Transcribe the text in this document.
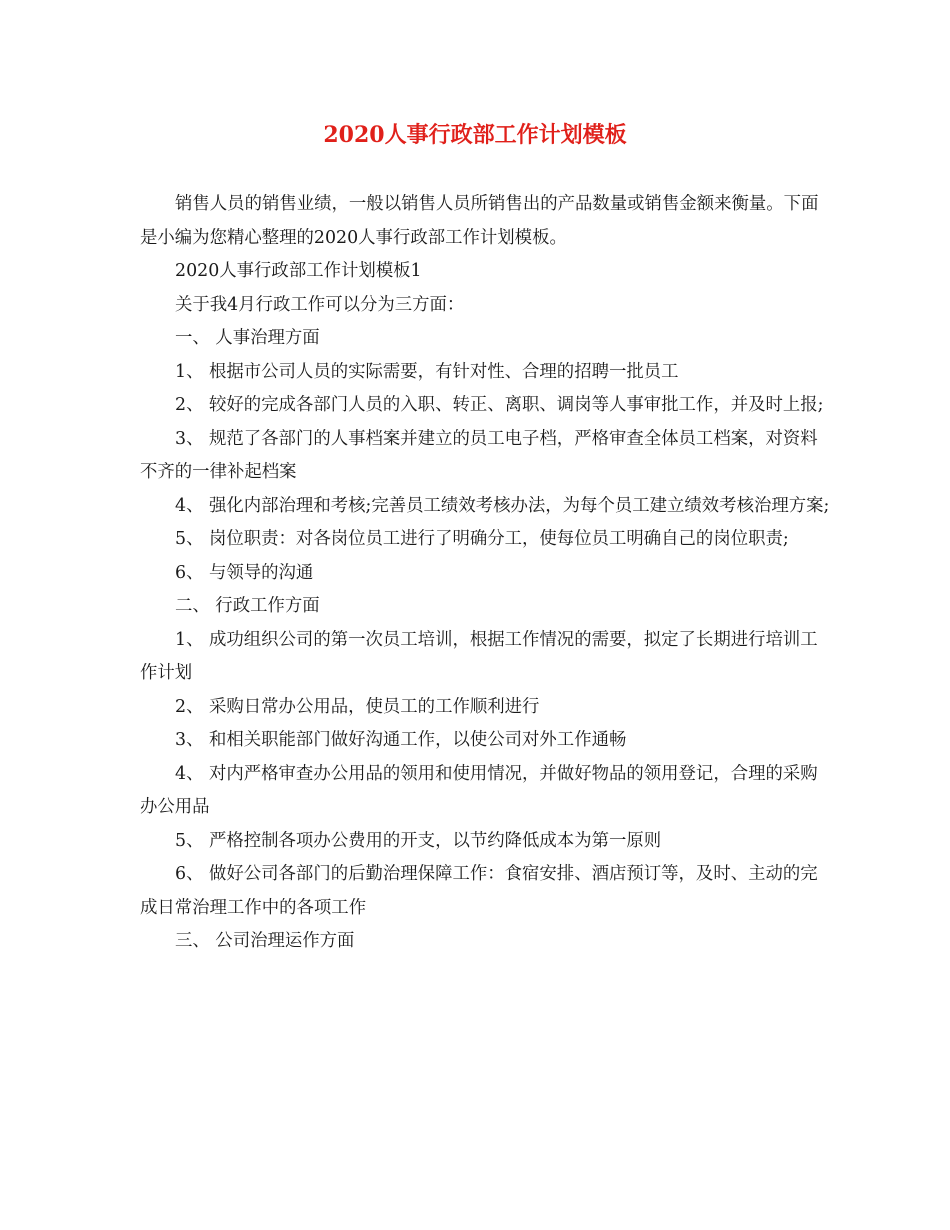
2020人事行政部工作计划模板

销售人员的销售业绩，一般以销售人员所销售出的产品数量或销售金额来衡量。下面是小编为您精心整理的2020人事行政部工作计划模板。

2020人事行政部工作计划模板1

关于我4月行政工作可以分为三方面：

一、 人事治理方面

1、 根据市公司人员的实际需要，有针对性、合理的招聘一批员工

2、 较好的完成各部门人员的入职、转正、离职、调岗等人事审批工作，并及时上报;

3、 规范了各部门的人事档案并建立的员工电子档，严格审查全体员工档案，对资料不齐的一律补起档案

4、 强化内部治理和考核;完善员工绩效考核办法，为每个员工建立绩效考核治理方案;

5、 岗位职责：对各岗位员工进行了明确分工，使每位员工明确自己的岗位职责;

6、 与领导的沟通

二、 行政工作方面

1、 成功组织公司的第一次员工培训，根据工作情况的需要，拟定了长期进行培训工作计划

2、 采购日常办公用品，使员工的工作顺利进行

3、 和相关职能部门做好沟通工作，以使公司对外工作通畅

4、 对内严格审查办公用品的领用和使用情况，并做好物品的领用登记，合理的采购办公用品

5、 严格控制各项办公费用的开支，以节约降低成本为第一原则

6、 做好公司各部门的后勤治理保障工作：食宿安排、酒店预订等，及时、主动的完成日常治理工作中的各项工作

三、 公司治理运作方面
